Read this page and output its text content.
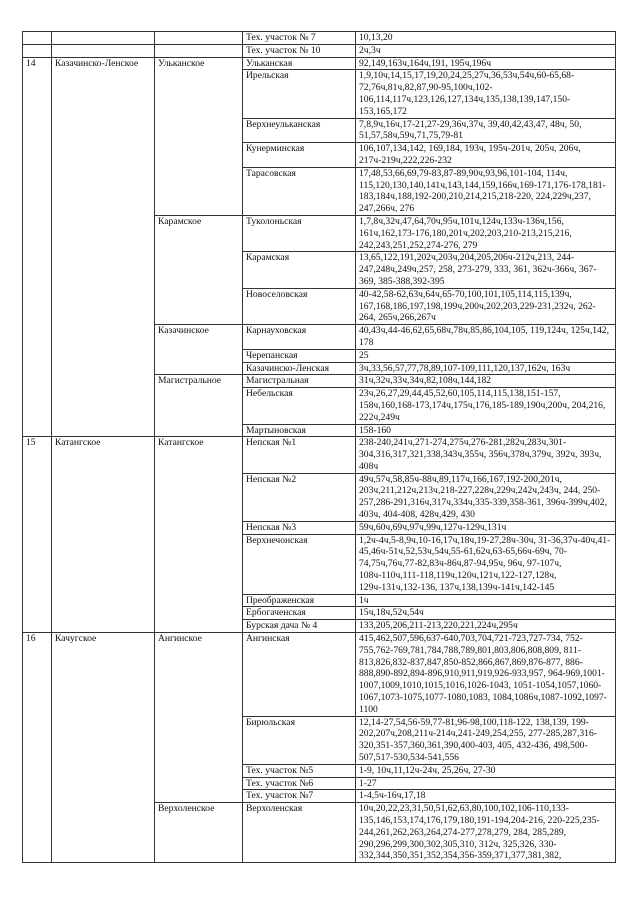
			Тех. участок № 7	10,13,20
			Тех. участок № 10	2ч,3ч
14	Казачинско-Ленское	Ульканское	Ульканская	92,149,163ч,164ч,191, 195ч,196ч
			Ирельская	1,9,10ч,14,15,17,19,20,24,25,27ч,36,53ч,54ч,60-65,68-72,76ч,81ч,82,87,90-95,100ч,102-106,114,117ч,123,126,127,134ч,135,138,139,147,150-153,165,172
			Верхнеульканская	7,8,9ч,16ч,17-21,27-29,36ч,37ч, 39,40,42,43,47, 48ч, 50, 51,57,58ч,59ч,71,75,79-81
			Кунерминская	106,107,134,142, 169,184, 193ч, 195ч-201ч, 205ч, 206ч, 217ч-219ч,222,226-232
			Тарасовская	17,48,53,66,69,79-83,87-89,90ч,93,96,101-104, 114ч, 115,120,130,140,141ч,143,144,159,166ч,169-171,176-178,181-183,184ч,188,192-200,210,214,215,218-220, 224,229ч,237, 247,266ч, 276
		Карамское	Туколоньская	1,7,8ч,32ч,47,64,70ч,95ч,101ч,124ч,133ч-136ч,156, 161ч,162,173-176,180,201ч,202,203,210-213,215,216, 242,243,251,252,274-276, 279
			Карамская	13,65,122,191,202ч,203ч,204,205,206ч-212ч,213, 244-247,248ч,249ч,257, 258, 273-279, 333, 361, 362ч-366ч, 367-369, 385-388,392-395
			Новоселовская	40-42,58-62,63ч,64ч,65-70,100,101,105,114,115,139ч, 167,168,186,197,198,199ч,200ч,202,203,229-231,232ч, 262-264, 265ч,266,267ч
		Казачинское	Карнауховская	40,43ч,44-46,62,65,68ч,78ч,85,86,104,105, 119,124ч, 125ч,142, 178
			Черепанская	25
			Казачинско-Ленская	3ч,33,56,57,77,78,89,107-109,111,120,137,162ч, 163ч
		Магистральное	Магистральная	31ч,32ч,33ч,34ч,82,108ч,144,182
			Небельская	23ч,26,27,29,44,45,52,60,105,114,115,138,151-157, 158ч,160,168-173,174ч,175ч,176,185-189,190ч,200ч, 204,216, 222ч,249ч
			Мартыновская	158-160
15	Катангское	Катангское	Непская №1	238-240,241ч,271-274,275ч,276-281,282ч,283ч,301-304,316,317,321,338,343ч,355ч, 356ч,378ч,379ч, 392ч, 393ч, 408ч
			Непская №2	49ч,57ч,58,85ч-88ч,89,117ч,166,167,192-200,201ч, 203ч,211,212ч,213ч,218-227,228ч,229ч,242ч,243ч, 244, 250-257,286-291,316ч,317ч,334ч,335-339,358-361, 396ч-399ч,402, 403ч, 404-408, 428ч,429, 430
			Непская №3	59ч,60ч,69ч,97ч,99ч,127ч-129ч,131ч
			Верхнечонская	1,2ч-4ч,5-8,9ч,10-16,17ч,18ч,19-27,28ч-30ч, 31-36,37ч-40ч,41-45,46ч-51ч,52,53ч,54ч,55-61,62ч,63-65,66ч-69ч, 70-74,75ч,76ч,77-82,83ч-86ч,87-94,95ч, 96ч, 97-107ч, 108ч-110ч,111-118,119ч,120ч,121ч,122-127,128ч, 129ч-131ч,132-136, 137ч,138,139ч-141ч,142-145
			Преображенская	1ч
			Ербогаченская	15ч,18ч,52ч,54ч
			Бурская дача № 4	133,205,206,211-213,220,221,224ч,295ч
16	Качугское	Ангинское	Ангинская	415,462,507,596,637-640,703,704,721-723,727-734, 752-755,762-769,781,784,788,789,801,803,806,808,809, 811-813,826,832-837,847,850-852,866,867,869,876-877, 886-888,890-892,894-896,910,911,919,926-933,957, 964-969,1001-1007,1009,1010,1015,1016,1026-1043, 1051-1054,1057,1060-1067,1073-1075,1077-1080,1083, 1084,1086ч,1087-1092,1097-1100
			Бирюльская	12,14-27,54,56-59,77-81,96-98,100,118-122, 138,139, 199- 202,207ч,208,211ч-214ч,241-249,254,255, 277-285,287,316-320,351-357,360,361,390,400-403, 405, 432-436, 498,500-507,517-530,534-541,556
			Тех. участок №5	1-9, 10ч,11,12ч-24ч, 25,26ч, 27-30
			Тех. участок №6	1-27
			Тех. участок №7	1-4,5ч-16ч,17,18
		Верхоленское	Верхоленская	10ч,20,22,23,31,50,51,62,63,80,100,102,106-110,133-135,146,153,174,176,179,180,191-194,204-216, 220-225,235- 244,261,262,263,264,274-277,278,279, 284, 285,289, 290,296,299,300,302,305,310, 312ч, 325,326, 330-332,344,350,351,352,354,356-359,371,377,381,382,
